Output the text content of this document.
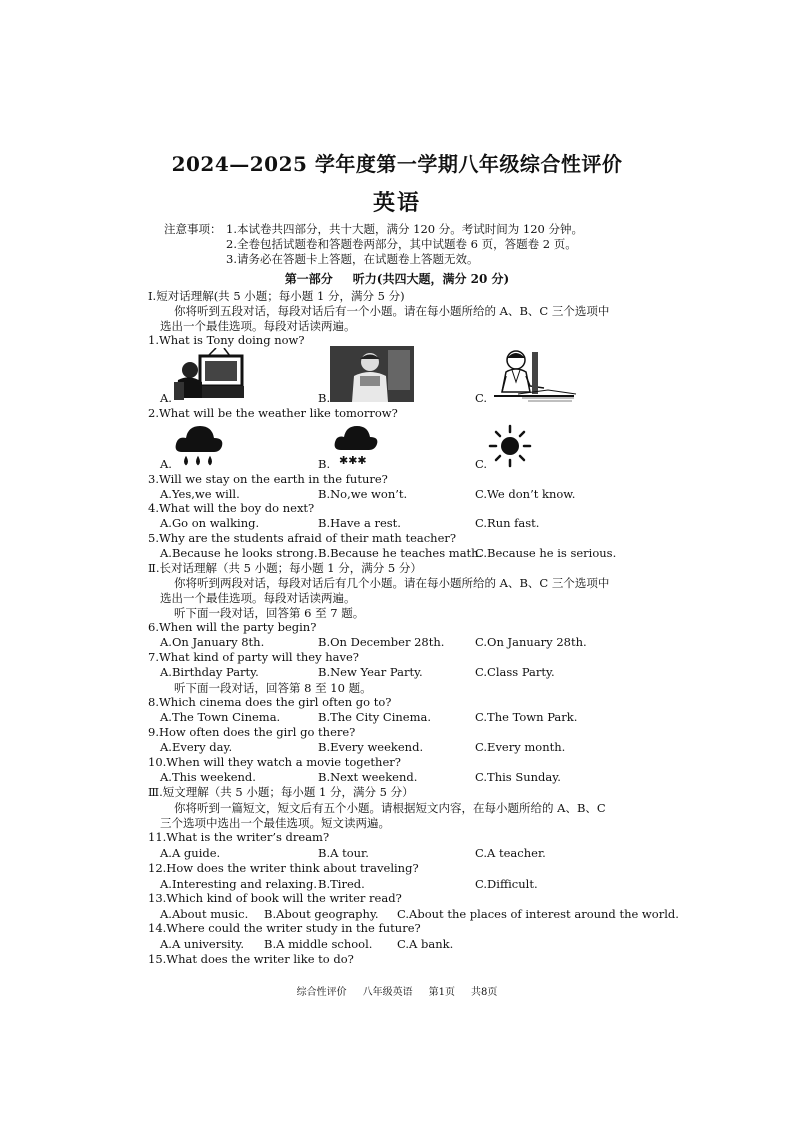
2024—2025 学年度第一学期八年级综合性评价
英语
注意事项： 1.本试卷共四部分，共十大题，满分 120 分。考试时间为 120 分钟。
2.全卷包括试题卷和答题卷两部分，其中试题卷 6 页，答题卷 2 页。
3.请务必在答题卡上答题，在试题卷上答题无效。
第一部分 听力(共四大题，满分 20 分)
I.短对话理解(共 5 小题；每小题 1 分，满分 5 分)
你将听到五段对话，每段对话后有一个小题。请在每小题所给的 A、B、C 三个选项中
选出一个最佳选项。每段对话读两遍。
1.What is Tony doing now?
A.	B.	C.
2.What will be the weather like tomorrow?
A.	B.	C.
✱✱✱
3.Will we stay on the earth in the future?
A.Yes,we will.	B.No,we won’t.	C.We don’t know.
4.What will the boy do next?
A.Go on walking.	B.Have a rest.	C.Run fast.
5.Why are the students afraid of their math teacher?
A.Because he looks strong. B.Because he teaches math.
C.Because he is serious.
Ⅱ.长对话理解（共 5 小题；每小题 1 分，满分 5 分）
你将听到两段对话，每段对话后有几个小题。请在每小题所给的 A、B、C 三个选项中
选出一个最佳选项。每段对话读两遍。
听下面一段对话，回答第 6 至 7 题。
6.When will the party begin?
A.On January 8th.	B.On December 28th.	C.On January 28th.
7.What kind of party will they have?
A.Birthday Party.	B.New Year Party.	C.Class Party.
听下面一段对话，回答第 8 至 10 题。
8.Which cinema does the girl often go to?
A.The Town Cinema.	B.The City Cinema.	C.The Town Park.
9.How often does the girl go there?
A.Every day.	B.Every weekend.	C.Every month.
10.When will they watch a movie together?
A.This weekend.	B.Next weekend.	C.This Sunday.
Ⅲ.短文理解（共 5 小题；每小题 1 分，满分 5 分）
你将听到一篇短文，短文后有五个小题。请根据短文内容，在每小题所给的 A、B、C
三个选项中选出一个最佳选项。短文读两遍。
11.What is the writer’s dream?
A.A guide.	B.A tour.	C.A teacher.
12.How does the writer think about traveling?
A.Interesting and relaxing. B.Tired.	C.Difficult.
13.Which kind of book will the writer read?
A.About music. B.About geography. C.About the places of interest around the world.
14.Where could the writer study in the future?
A.A university. B.A middle school. C.A bank.
15.What does the writer like to do?
综合性评价 八年级英语 第1页 共8页
